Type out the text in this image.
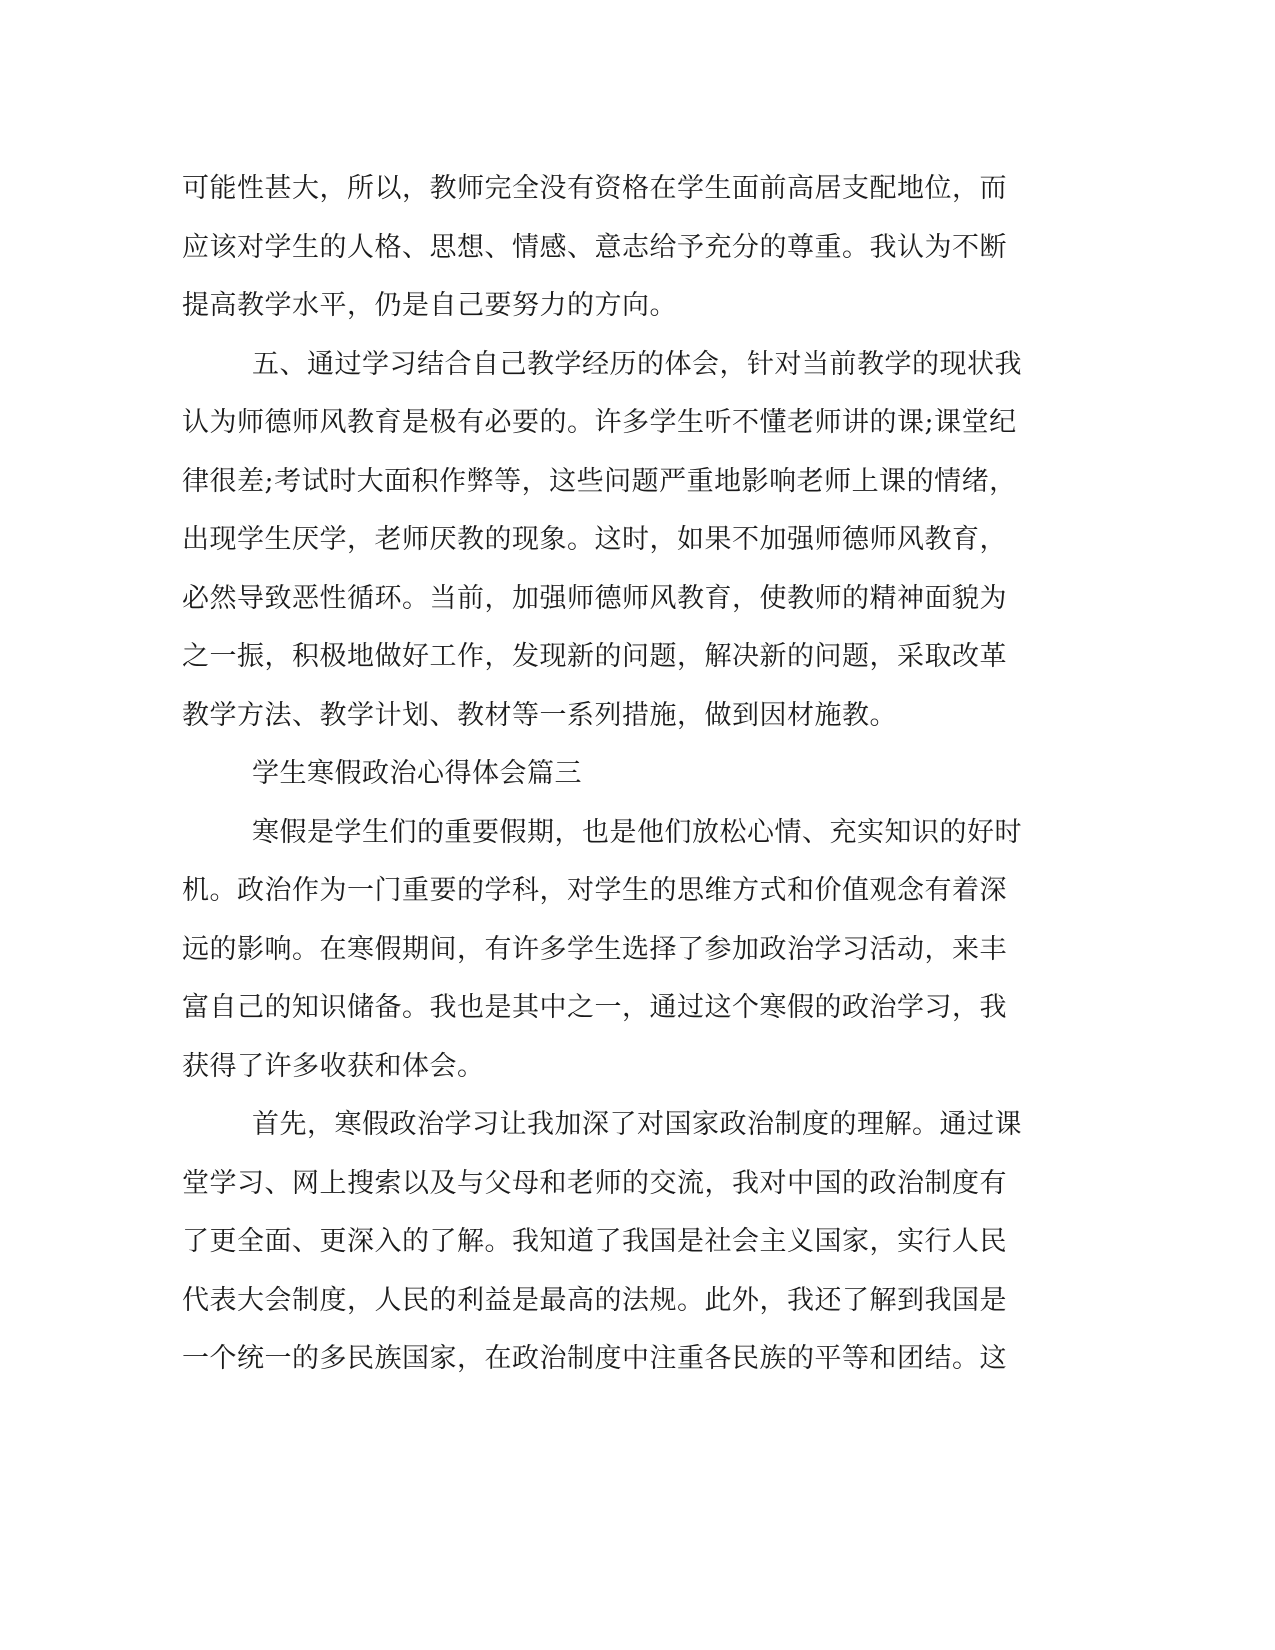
可能性甚大，所以，教师完全没有资格在学生面前高居支配地位，而
应该对学生的人格、思想、情感、意志给予充分的尊重。我认为不断
提高教学水平，仍是自己要努力的方向。
五、通过学习结合自己教学经历的体会，针对当前教学的现状我
认为师德师风教育是极有必要的。许多学生听不懂老师讲的课;课堂纪
律很差;考试时大面积作弊等，这些问题严重地影响老师上课的情绪，
出现学生厌学，老师厌教的现象。这时，如果不加强师德师风教育，
必然导致恶性循环。当前，加强师德师风教育，使教师的精神面貌为
之一振，积极地做好工作，发现新的问题，解决新的问题，采取改革
教学方法、教学计划、教材等一系列措施，做到因材施教。
学生寒假政治心得体会篇三
寒假是学生们的重要假期，也是他们放松心情、充实知识的好时
机。政治作为一门重要的学科，对学生的思维方式和价值观念有着深
远的影响。在寒假期间，有许多学生选择了参加政治学习活动，来丰
富自己的知识储备。我也是其中之一，通过这个寒假的政治学习，我
获得了许多收获和体会。
首先，寒假政治学习让我加深了对国家政治制度的理解。通过课
堂学习、网上搜索以及与父母和老师的交流，我对中国的政治制度有
了更全面、更深入的了解。我知道了我国是社会主义国家，实行人民
代表大会制度，人民的利益是最高的法规。此外，我还了解到我国是
一个统一的多民族国家，在政治制度中注重各民族的平等和团结。这
